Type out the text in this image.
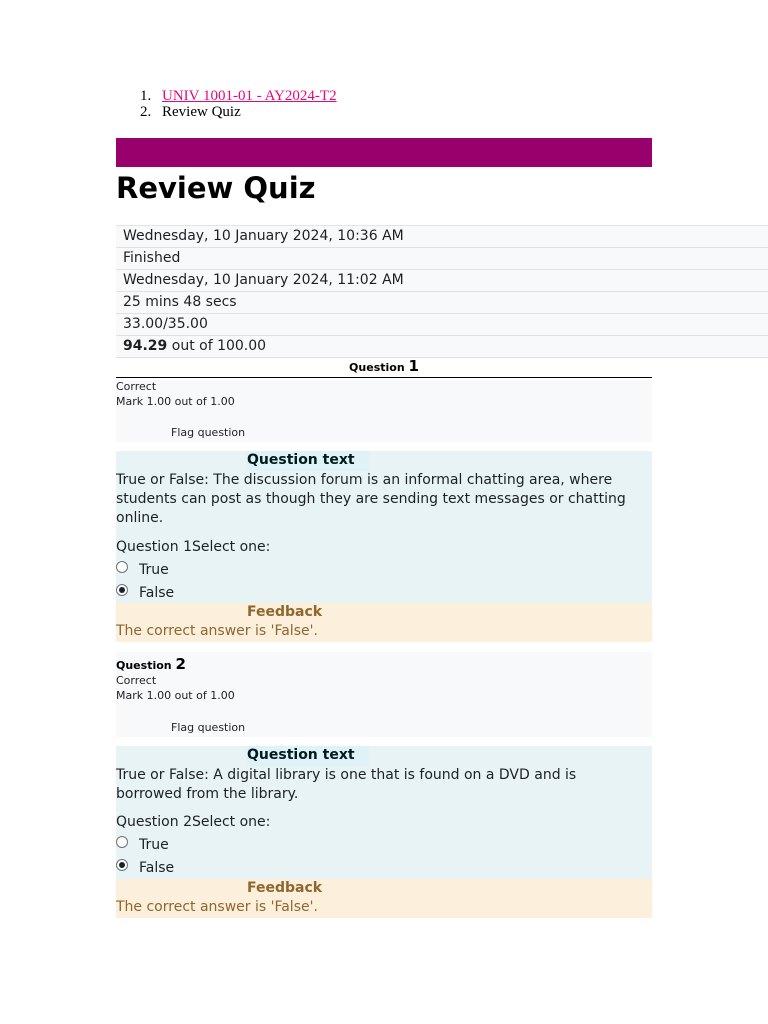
1. UNIV 1001-01 - AY2024-T2
2. Review Quiz
Review Quiz
Wednesday, 10 January 2024, 10:36 AM
Finished
Wednesday, 10 January 2024, 11:02 AM
25 mins 48 secs
33.00/35.00
94.29 out of 100.00
Question 1
Correct
Mark 1.00 out of 1.00
Flag question
Question text
True or False: The discussion forum is an informal chatting area, where students can post as though they are sending text messages or chatting online.
Question 1Select one:
True
False
Feedback
The correct answer is 'False'.
Question 2
Correct
Mark 1.00 out of 1.00
Flag question
Question text
True or False: A digital library is one that is found on a DVD and is borrowed from the library.
Question 2Select one:
True
False
Feedback
The correct answer is 'False'.
